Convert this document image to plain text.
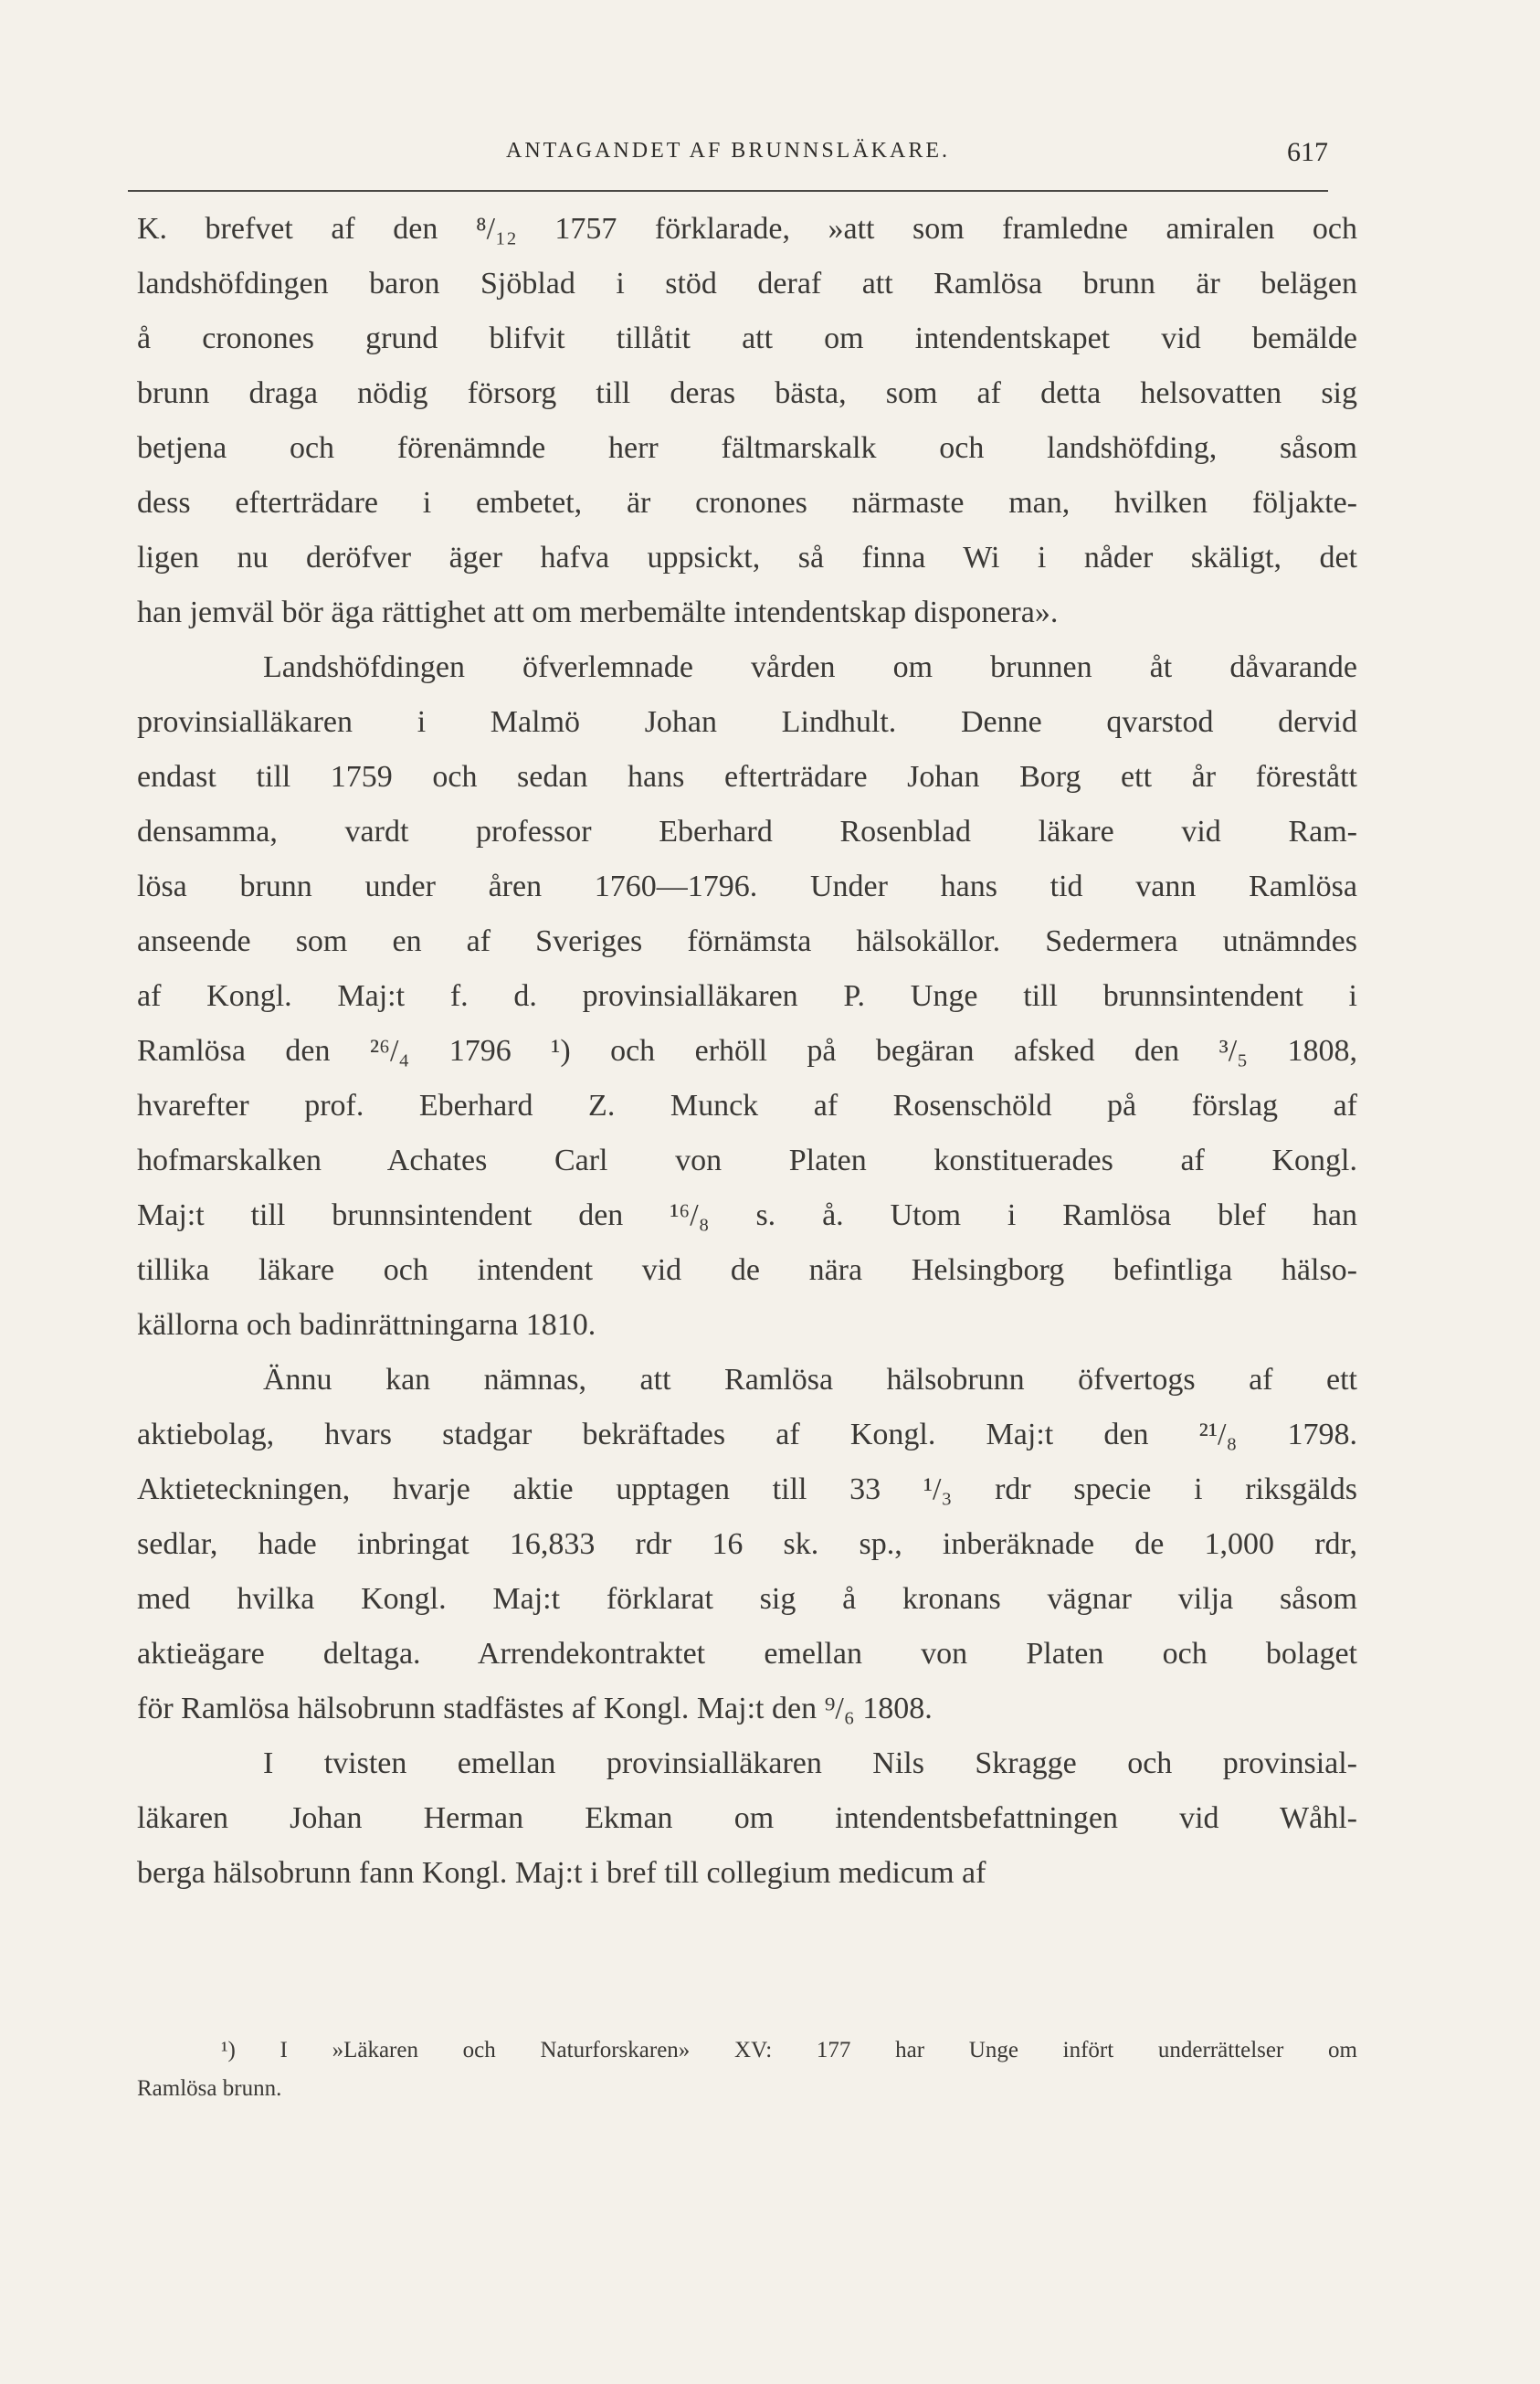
ANTAGANDET AF BRUNNSLÄKARE.	617
K. brefvet af den ⁸/₁₂ 1757 förklarade, »att som framledne amiralen och
landshöfdingen baron Sjöblad i stöd deraf att Ramlösa brunn är belägen
å cronones grund blifvit tillåtit att om intendentskapet vid bemälde
brunn draga nödig försorg till deras bästa, som af detta helsovatten sig
betjena och förenämnde herr fältmarskalk och landshöfding, såsom
dess efterträdare i embetet, är cronones närmaste man, hvilken följakte-
ligen nu deröfver äger hafva uppsickt, så finna Wi i nåder skäligt, det
han jemväl bör äga rättighet att om merbemälte intendentskap disponera».
Landshöfdingen öfverlemnade vården om brunnen åt dåvarande
provinsialläkaren i Malmö Johan Lindhult. Denne qvarstod dervid
endast till 1759 och sedan hans efterträdare Johan Borg ett år förestått
densamma, vardt professor Eberhard Rosenblad läkare vid Ram-
lösa brunn under åren 1760—1796. Under hans tid vann Ramlösa
anseende som en af Sveriges förnämsta hälsokällor. Sedermera utnämndes
af Kongl. Maj:t f. d. provinsialläkaren P. Unge till brunnsintendent i
Ramlösa den ²⁶/₄ 1796 ¹) och erhöll på begäran afsked den ³/₅ 1808,
hvarefter prof. Eberhard Z. Munck af Rosenschöld på förslag af
hofmarskalken Achates Carl von Platen konstituerades af Kongl.
Maj:t till brunnsintendent den ¹⁶/₈ s. å. Utom i Ramlösa blef han
tillika läkare och intendent vid de nära Helsingborg befintliga hälso-
källorna och badinrättningarna 1810.
Ännu kan nämnas, att Ramlösa hälsobrunn öfvertogs af ett
aktiebolag, hvars stadgar bekräftades af Kongl. Maj:t den ²¹/₈ 1798.
Aktieteckningen, hvarje aktie upptagen till 33 ¹/₃ rdr specie i riksgälds
sedlar, hade inbringat 16,833 rdr 16 sk. sp., inberäknade de 1,000 rdr,
med hvilka Kongl. Maj:t förklarat sig å kronans vägnar vilja såsom
aktieägare deltaga. Arrendekontraktet emellan von Platen och bolaget
för Ramlösa hälsobrunn stadfästes af Kongl. Maj:t den ⁹/₆ 1808.
I tvisten emellan provinsialläkaren Nils Skragge och provinsial-
läkaren Johan Herman Ekman om intendentsbefattningen vid Wåhl-
berga hälsobrunn fann Kongl. Maj:t i bref till collegium medicum af
¹) I »Läkaren och Naturforskaren» XV: 177 har Unge infört underrättelser om
Ramlösa brunn.
